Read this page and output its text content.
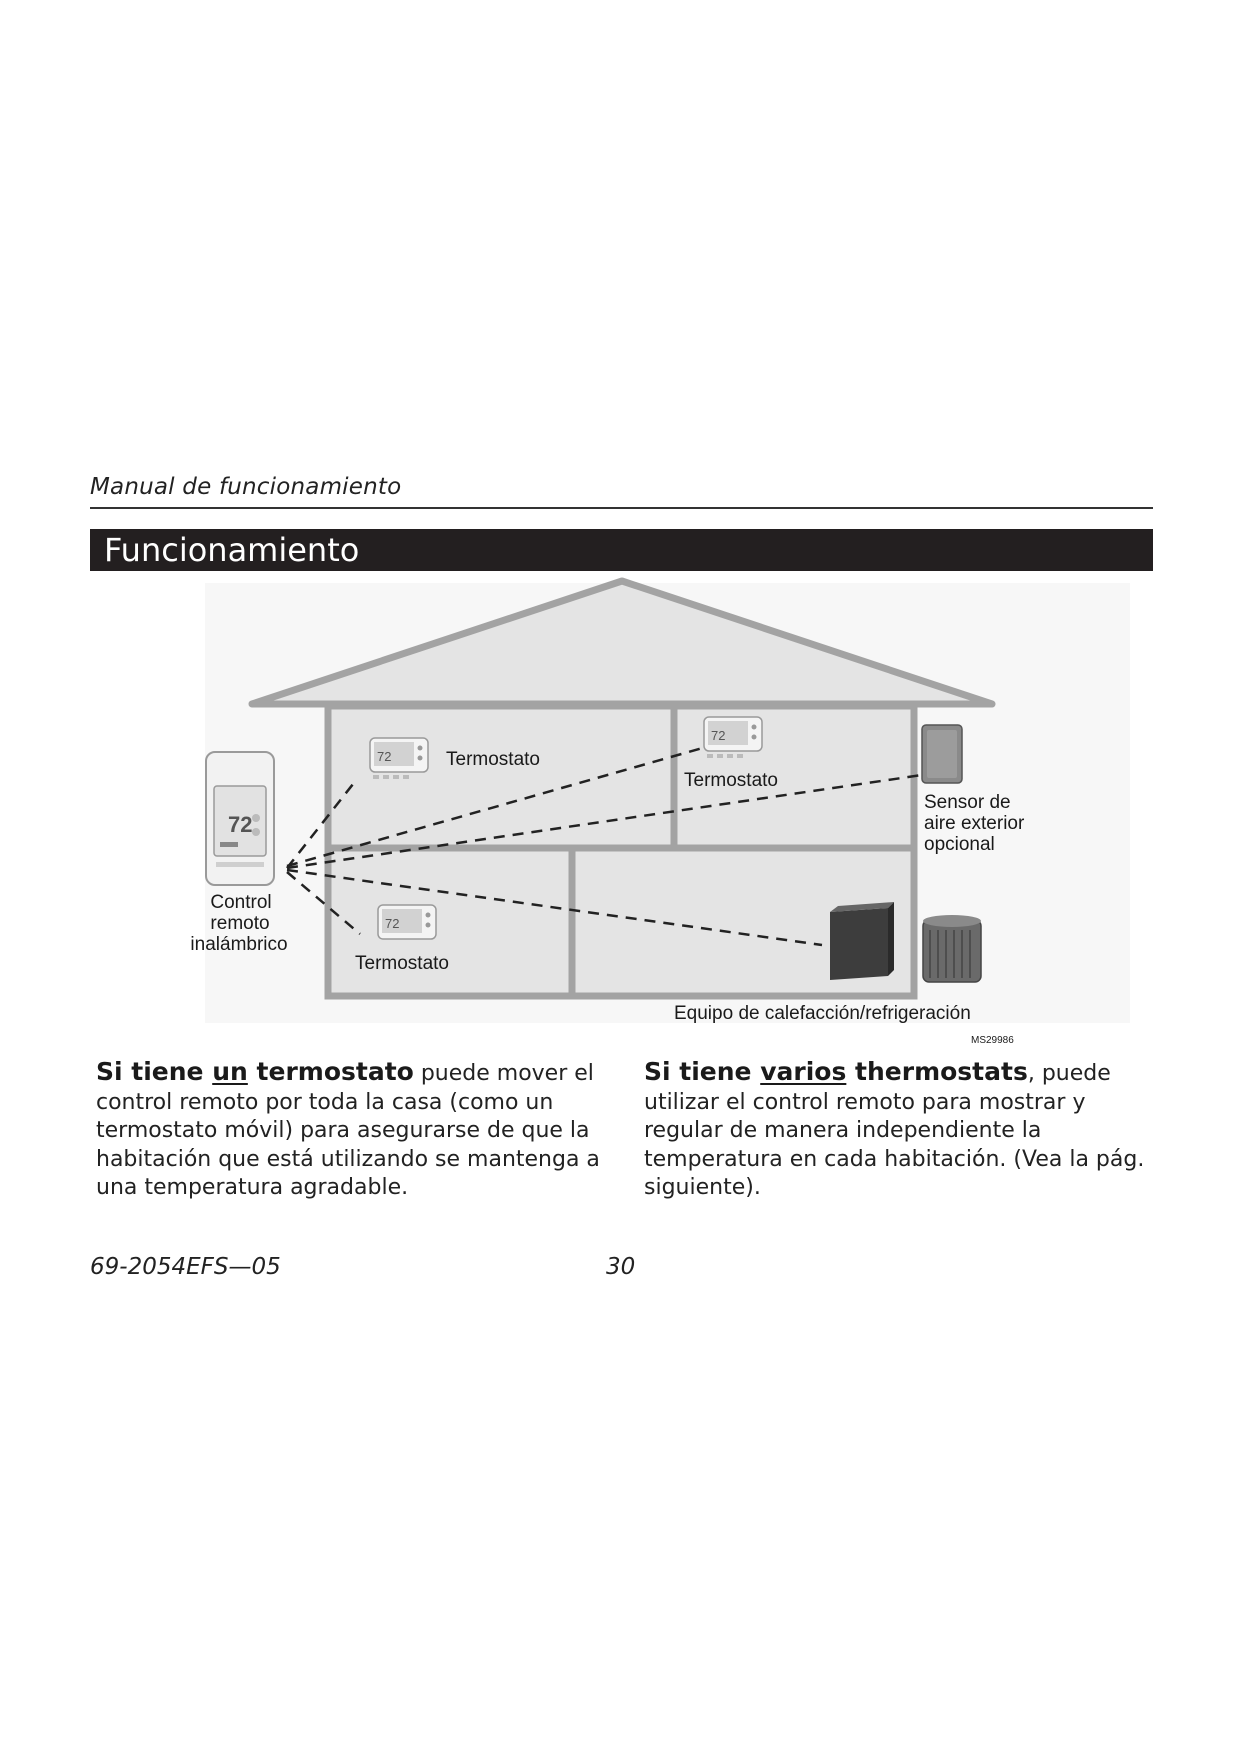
Manual de funcionamiento
Funcionamiento
72
72
72
72
Termostato
Termostato
Termostato
Control
remoto
inalámbrico
Sensor de
aire exterior
opcional
Equipo de calefacción/refrigeración
MS29986
Si tiene un termostato puede mover el control remoto por toda la casa (como un termostato móvil) para asegurarse de que la habitación que está utilizando se mantenga a una temperatura agradable.
Si tiene varios thermostats, puede utilizar el control remoto para mostrar y regular de manera independiente la temperatura en cada habitación. (Vea la pág. siguiente).
69-2054EFS—05	30
